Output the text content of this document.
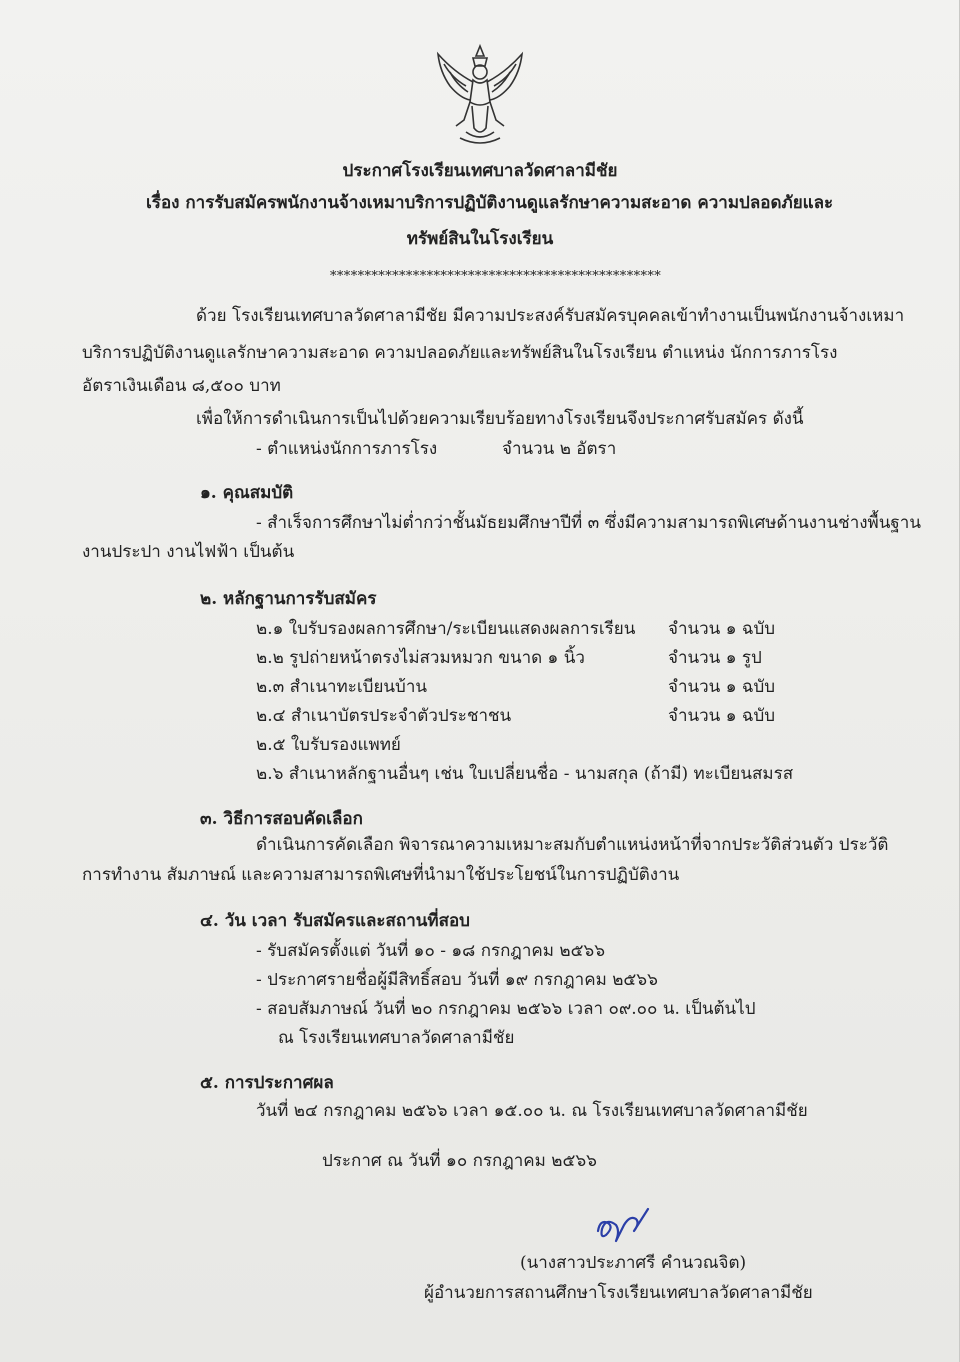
ประกาศโรงเรียนเทศบาลวัดศาลามีชัย
เรื่อง การรับสมัครพนักงานจ้างเหมาบริการปฏิบัติงานดูแลรักษาความสะอาด ความปลอดภัยและ
ทรัพย์สินในโรงเรียน
************************************************
ด้วย โรงเรียนเทศบาลวัดศาลามีชัย มีความประสงค์รับสมัครบุคคลเข้าทำงานเป็นพนักงานจ้างเหมา
บริการปฏิบัติงานดูแลรักษาความสะอาด ความปลอดภัยและทรัพย์สินในโรงเรียน ตำแหน่ง นักการภารโรง
อัตราเงินเดือน ๘,๕๐๐ บาท
เพื่อให้การดำเนินการเป็นไปด้วยความเรียบร้อยทางโรงเรียนจึงประกาศรับสมัคร ดังนี้
- ตำแหน่งนักการภารโรง	จำนวน ๒ อัตรา
๑. คุณสมบัติ
- สำเร็จการศึกษาไม่ต่ำกว่าชั้นมัธยมศึกษาปีที่ ๓ ซึ่งมีความสามารถพิเศษด้านงานช่างพื้นฐาน
งานประปา งานไฟฟ้า เป็นต้น
๒. หลักฐานการรับสมัคร
๒.๑ ใบรับรองผลการศึกษา/ระเบียนแสดงผลการเรียน จำนวน ๑ ฉบับ
๒.๒ รูปถ่ายหน้าตรงไม่สวมหมวก ขนาด ๑ นิ้ว	จำนวน ๑ รูป
๒.๓ สำเนาทะเบียนบ้าน	จำนวน ๑ ฉบับ
๒.๔ สำเนาบัตรประจำตัวประชาชน	จำนวน ๑ ฉบับ
๒.๕ ใบรับรองแพทย์
๒.๖ สำเนาหลักฐานอื่นๆ เช่น ใบเปลี่ยนชื่อ - นามสกุล (ถ้ามี) ทะเบียนสมรส
๓. วิธีการสอบคัดเลือก
ดำเนินการคัดเลือก พิจารณาความเหมาะสมกับตำแหน่งหน้าที่จากประวัติส่วนตัว ประวัติ
การทำงาน สัมภาษณ์ และความสามารถพิเศษที่นำมาใช้ประโยชน์ในการปฏิบัติงาน
๔. วัน เวลา รับสมัครและสถานที่สอบ
- รับสมัครตั้งแต่ วันที่ ๑๐ - ๑๘ กรกฎาคม ๒๕๖๖
- ประกาศรายชื่อผู้มีสิทธิ์สอบ วันที่ ๑๙ กรกฎาคม ๒๕๖๖
- สอบสัมภาษณ์ วันที่ ๒๐ กรกฎาคม ๒๕๖๖ เวลา ๐๙.๐๐ น. เป็นต้นไป
ณ โรงเรียนเทศบาลวัดศาลามีชัย
๕. การประกาศผล
วันที่ ๒๔ กรกฎาคม ๒๕๖๖ เวลา ๑๕.๐๐ น. ณ โรงเรียนเทศบาลวัดศาลามีชัย
ประกาศ ณ วันที่ ๑๐ กรกฎาคม ๒๕๖๖
(นางสาวประภาศรี คำนวณจิต)
ผู้อำนวยการสถานศึกษาโรงเรียนเทศบาลวัดศาลามีชัย
